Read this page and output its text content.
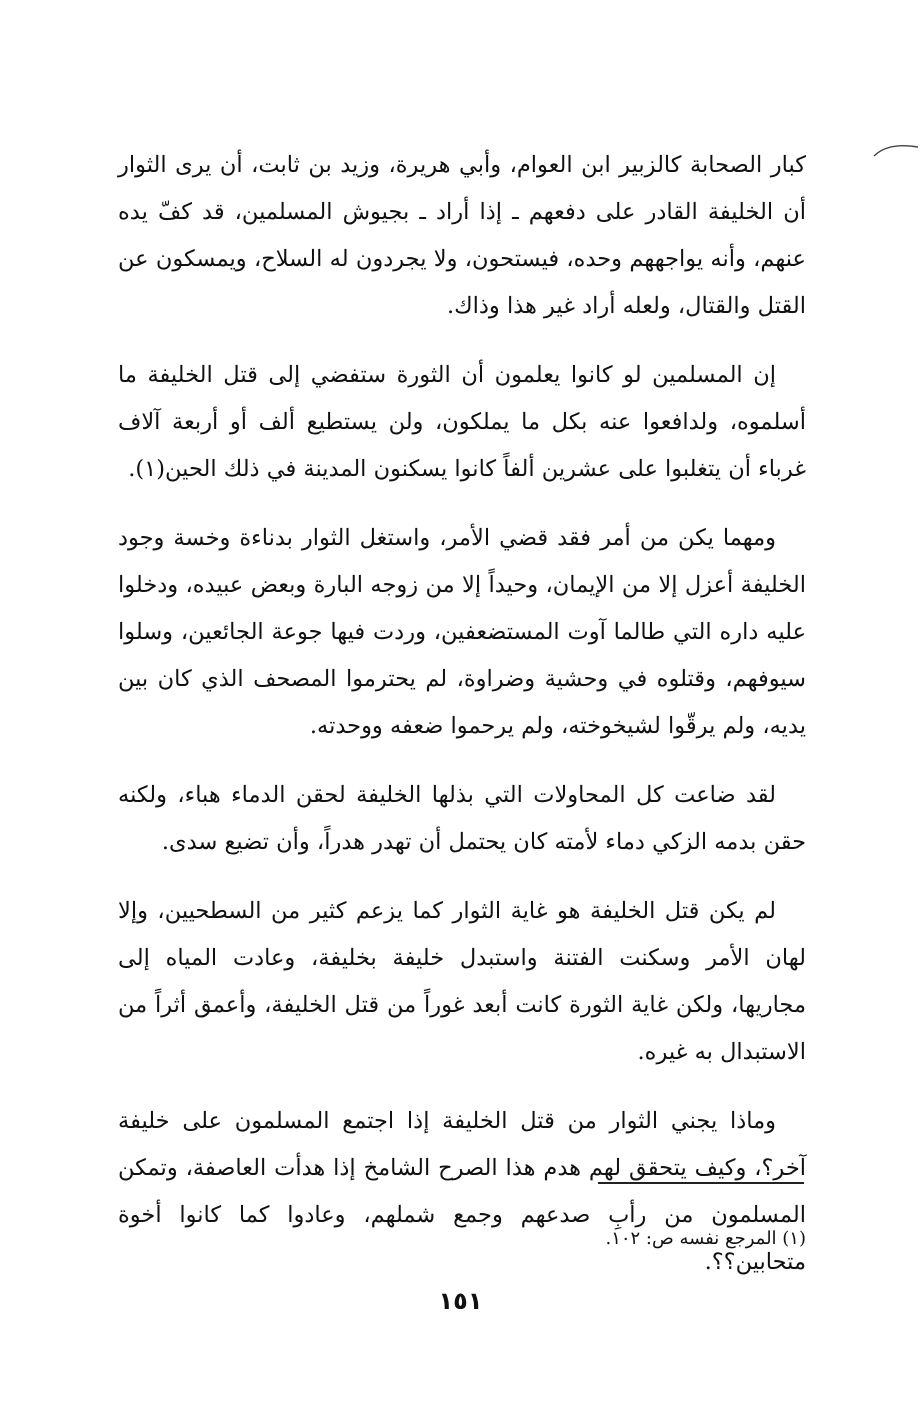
كبار الصحابة كالزبير ابن العوام، وأبي هريرة، وزيد بن ثابت، أن يرى الثوار أن الخليفة القادر على دفعهم ـ إذا أراد ـ بجيوش المسلمين، قد كفّ يده عنهم، وأنه يواجههم وحده، فيستحون، ولا يجردون له السلاح، ويمسكون عن القتل والقتال، ولعله أراد غير هذا وذاك.

إن المسلمين لو كانوا يعلمون أن الثورة ستفضي إلى قتل الخليفة ما أسلموه، ولدافعوا عنه بكل ما يملكون، ولن يستطيع ألف أو أربعة آلاف غرباء أن يتغلبوا على عشرين ألفاً كانوا يسكنون المدينة في ذلك الحين(١).

ومهما يكن من أمر فقد قضي الأمر، واستغل الثوار بدناءة وخسة وجود الخليفة أعزل إلا من الإيمان، وحيداً إلا من زوجه البارة وبعض عبيده، ودخلوا عليه داره التي طالما آوت المستضعفين، وردت فيها جوعة الجائعين، وسلوا سيوفهم، وقتلوه في وحشية وضراوة، لم يحترموا المصحف الذي كان بين يديه، ولم يرقّوا لشيخوخته، ولم يرحموا ضعفه ووحدته.

لقد ضاعت كل المحاولات التي بذلها الخليفة لحقن الدماء هباء، ولكنه حقن بدمه الزكي دماء لأمته كان يحتمل أن تهدر هدراً، وأن تضيع سدى.

لم يكن قتل الخليفة هو غاية الثوار كما يزعم كثير من السطحيين، وإلا لهان الأمر وسكنت الفتنة واستبدل خليفة بخليفة، وعادت المياه إلى مجاريها، ولكن غاية الثورة كانت أبعد غوراً من قتل الخليفة، وأعمق أثراً من الاستبدال به غيره.

وماذا يجني الثوار من قتل الخليفة إذا اجتمع المسلمون على خليفة آخر؟، وكيف يتحقق لهم هدم هذا الصرح الشامخ إذا هدأت العاصفة، وتمكن المسلمون من رأبِ صدعهم وجمع شملهم، وعادوا كما كانوا أخوة متحابين؟؟.

(١) المرجع نفسه ص: ١٠٢.
١٥١
